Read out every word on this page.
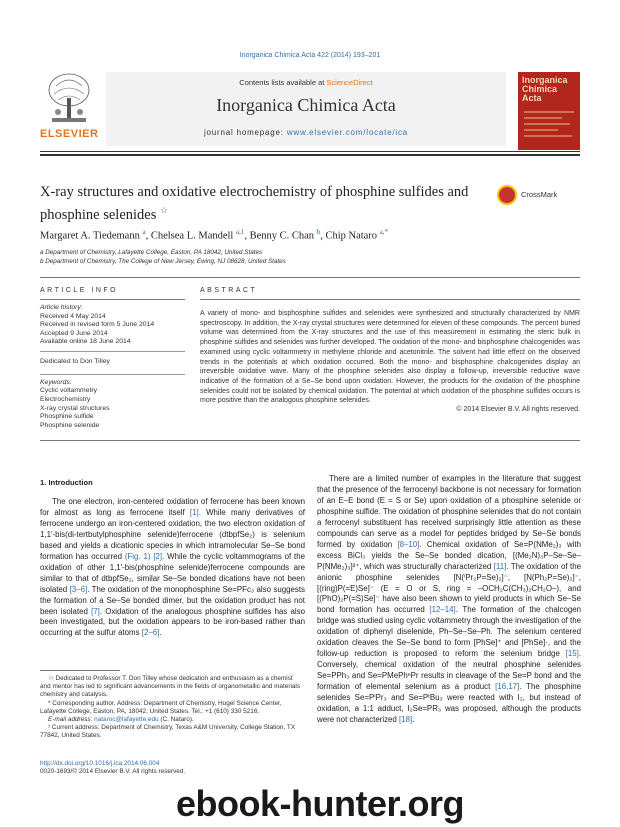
Inorganica Chimica Acta 422 (2014) 193–201
ELSEVIER
Contents lists available at ScienceDirect
Inorganica Chimica Acta
journal homepage: www.elsevier.com/locate/ica
Inorganica Chimica Acta
X-ray structures and oxidative electrochemistry of phosphine sulfides and phosphine selenides ☆
CrossMark
Margaret A. Tiedemann $^a$, Chelsea L. Mandell $^{a,1}$, Benny C. Chan $^b$, Chip Nataro $^{a,*}$
a Department of Chemistry, Lafayette College, Easton, PA 18042, United States
b Department of Chemistry, The College of New Jersey, Ewing, NJ 08628, United States
ARTICLE INFO
Article history:
Received 4 May 2014
Received in revised form 5 June 2014
Accepted 9 June 2014
Available online 18 June 2014
Dedicated to Don Tilley
Keywords:
Cyclic voltammetry
Electrochemistry
X-ray crystal structures
Phosphine sulfide
Phosphine selenide
ABSTRACT
A variety of mono- and bisphosphine sulfides and selenides were synthesized and structurally characterized by NMR spectroscopy. In addition, the X-ray crystal structures were determined for eleven of these compounds. The percent buried volume was determined from the X-ray structures and the use of this measurement in estimating the steric bulk in phosphine sulfides and selenides was further developed. The oxidation of the mono- and bisphosphine chalcogenides was examined using cyclic voltammetry in methylene chloride and acetonitrile. The solvent had little effect on the observed trends in the potentials at which oxidation occurred. Both the mono- and bisphosphine chalcogenides display an irreversible oxidative wave. Many of the phosphine selenides also display a follow-up, irreversible reductive wave indicative of the formation of a Se–Se bond upon oxidation. However, the products for the oxidation of the phosphine selenides could not be isolated by chemical oxidation. The potential at which oxidation of the phosphine sulfides occurs is more positive than the analogous phosphine selenides.
© 2014 Elsevier B.V. All rights reserved.
1. Introduction
The one electron, iron-centered oxidation of ferrocene has been known for almost as long as ferrocene itself [1]. While many derivatives of ferrocene undergo an iron-centered oxidation, the two electron oxidation of 1,1′-bis(di-tertbutylphosphine selenide)ferrocene (dtbpfSe₂) is selenium based and yields a dicationic species in which intramolecular Se–Se bond formation has occurred (Fig. 1) [2]. While the cyclic voltammograms of the oxidation of other 1,1′-bis(phosphine selenide)ferrocene compounds are similar to that of dtbpfSe₂, similar Se–Se bonded dications have not been isolated [3–6]. The oxidation of the monophosphine Se=PFc₃ also suggests the formation of a Se–Se bonded dimer, but the oxidation product has not been isolated [7]. Oxidation of the analogous phosphine sulfides has also been investigated, but the oxidation appears to be iron-based rather than occurring at the sulfur atoms [2–6].
There are a limited number of examples in the literature that suggest that the presence of the ferrocenyl backbone is not necessary for formation of an E–E bond (E = S or Se) upon oxidation of a phosphine selenide or phosphine sulfide. The oxidation of phosphine selenides that do not contain a ferrocenyl substituent has received surprisingly little attention as these compounds can serve as a model for peptides bridged by Se–Se bonds formed by oxidation [8–10]. Chemical oxidation of Se=P(NMe₂)₃ with excess BiCl₃ yields the Se–Se bonded dication, [(Me₂N)₃P–Se–Se–P(NMe₂)₃]²⁺, which was structurally characterized [11]. The oxidation of the anionic phosphine selenides [N(ⁱPr₂P=Se)₂]⁻, [N(Ph₂P=Se)₂]⁻, [(ring)P(=E)Se]⁻ (E = O or S, ring = –OCH₂C(CH₃)₂CH₂O–), and [(PhO)₂P(=S)Se]⁻ have also been shown to yield products in which Se–Se bond formation has occurred [12–14]. The formation of the chalcogen bridge was studied using cyclic voltammetry through the investigation of the oxidation of diphenyl diselenide, Ph–Se–Se–Ph. The selenium centered oxidation cleaves the Se–Se bond to form [PhSe]⁺ and [PhSe]·, and the follow-up reduction is proposed to reform the selenium bridge [15]. Conversely, chemical oxidation of the neutral phosphine selenides Se=PPh₃ and Se=PMePhⁿPr results in cleavage of the Se=P bond and the formation of elemental selenium as a product [16,17]. The phosphine selenides Se=PⁱPr₃ and Se=PᵗBu₃ were reacted with I₂, but instead of oxidation, a 1:1 adduct, I₂Se=PR₃ was proposed, although the products were not characterized [18].
☆ Dedicated to Professor T. Don Tilley whose dedication and enthusiasm as a chemist and mentor has led to significant advancements in the fields of organometallic and materials chemistry and catalysis.
* Corresponding author. Address: Department of Chemistry, Hugel Science Center, Lafayette College, Easton, PA, 18042, United States. Tel.: +1 (610) 330 5216.
E-mail address: nataroc@lafayette.edu (C. Nataro).
¹ Current address: Department of Chemistry, Texas A&M University, College Station, TX 77842, United States.
http://dx.doi.org/10.1016/j.ica.2014.06.004
0020-1693/© 2014 Elsevier B.V. All rights reserved.
ebook-hunter.org
